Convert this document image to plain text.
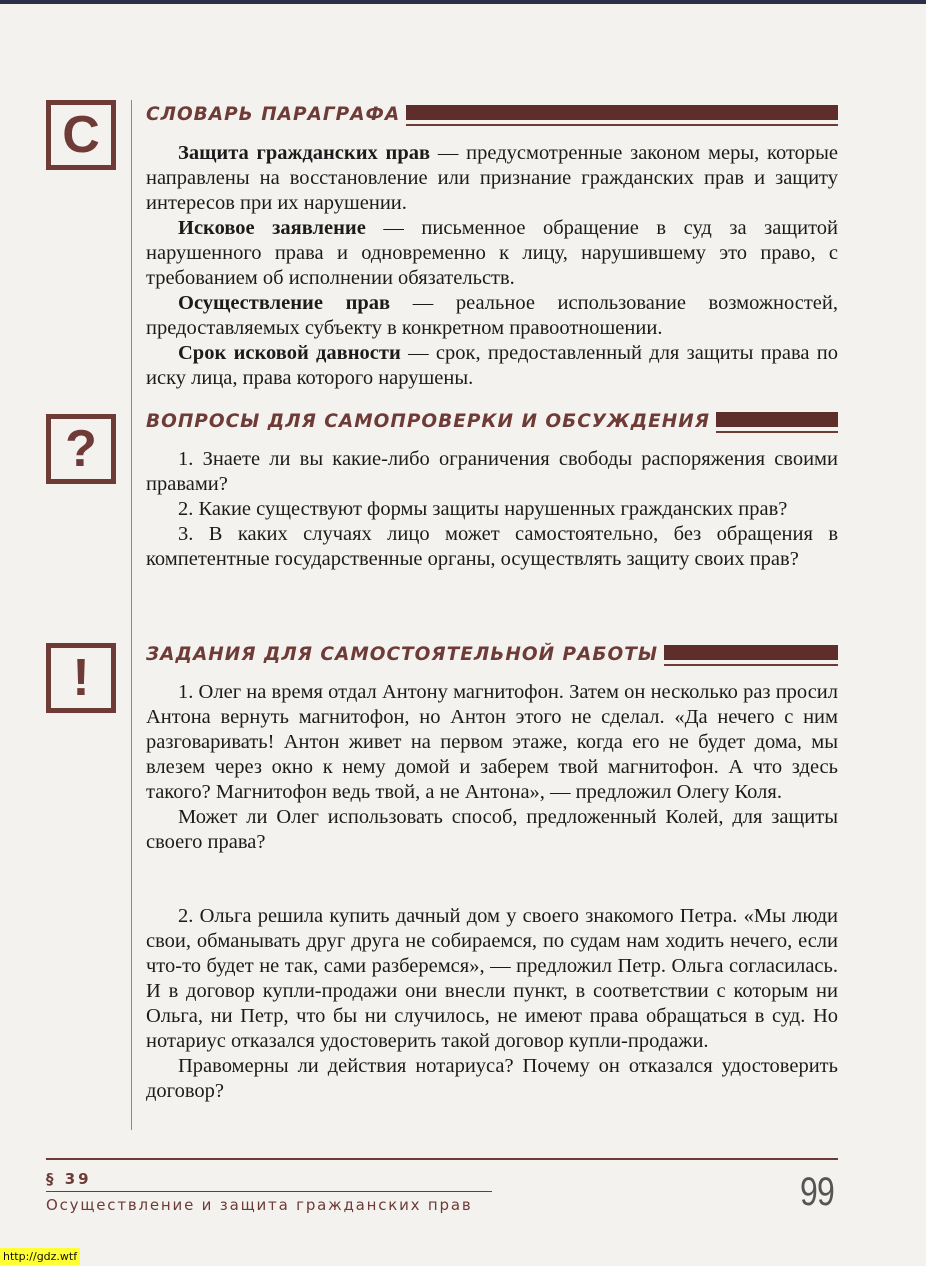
C	СЛОВАРЬ ПАРАГРАФА

Защита гражданских прав — предусмотренные законом меры, которые направлены на восстановление или признание гражданских прав и защиту интересов при их нарушении.

Исковое заявление — письменное обращение в суд за защитой нарушенного права и одновременно к лицу, нарушившему это право, с требованием об исполнении обязательств.

Осуществление прав — реальное использование возможностей, предоставляемых субъекту в конкретном правоотношении.

Срок исковой давности — срок, предоставленный для защиты права по иску лица, права которого нарушены.

?	ВОПРОСЫ ДЛЯ САМОПРОВЕРКИ И ОБСУЖДЕНИЯ

1. Знаете ли вы какие-либо ограничения свободы распоряжения своими правами?

2. Какие существуют формы защиты нарушенных гражданских прав?

3. В каких случаях лицо может самостоятельно, без обращения в компетентные государственные органы, осуществлять защиту своих прав?

!	ЗАДАНИЯ ДЛЯ САМОСТОЯТЕЛЬНОЙ РАБОТЫ

1. Олег на время отдал Антону магнитофон. Затем он несколько раз просил Антона вернуть магнитофон, но Антон этого не сделал. «Да нечего с ним разговаривать! Антон живет на первом этаже, когда его не будет дома, мы влезем через окно к нему домой и заберем твой магнитофон. А что здесь такого? Магнитофон ведь твой, а не Антона», — предложил Олегу Коля.

Может ли Олег использовать способ, предложенный Колей, для защиты своего права?

2. Ольга решила купить дачный дом у своего знакомого Петра. «Мы люди свои, обманывать друг друга не собираемся, по судам нам ходить нечего, если что-то будет не так, сами разберемся», — предложил Петр. Ольга согласилась. И в договор купли-продажи они внесли пункт, в соответствии с которым ни Ольга, ни Петр, что бы ни случилось, не имеют права обращаться в суд. Но нотариус отказался удостоверить такой договор купли-продажи.

Правомерны ли действия нотариуса? Почему он отказался удостоверить договор?

§ 39
Осуществление и защита гражданских прав	99
http://gdz.wtf
